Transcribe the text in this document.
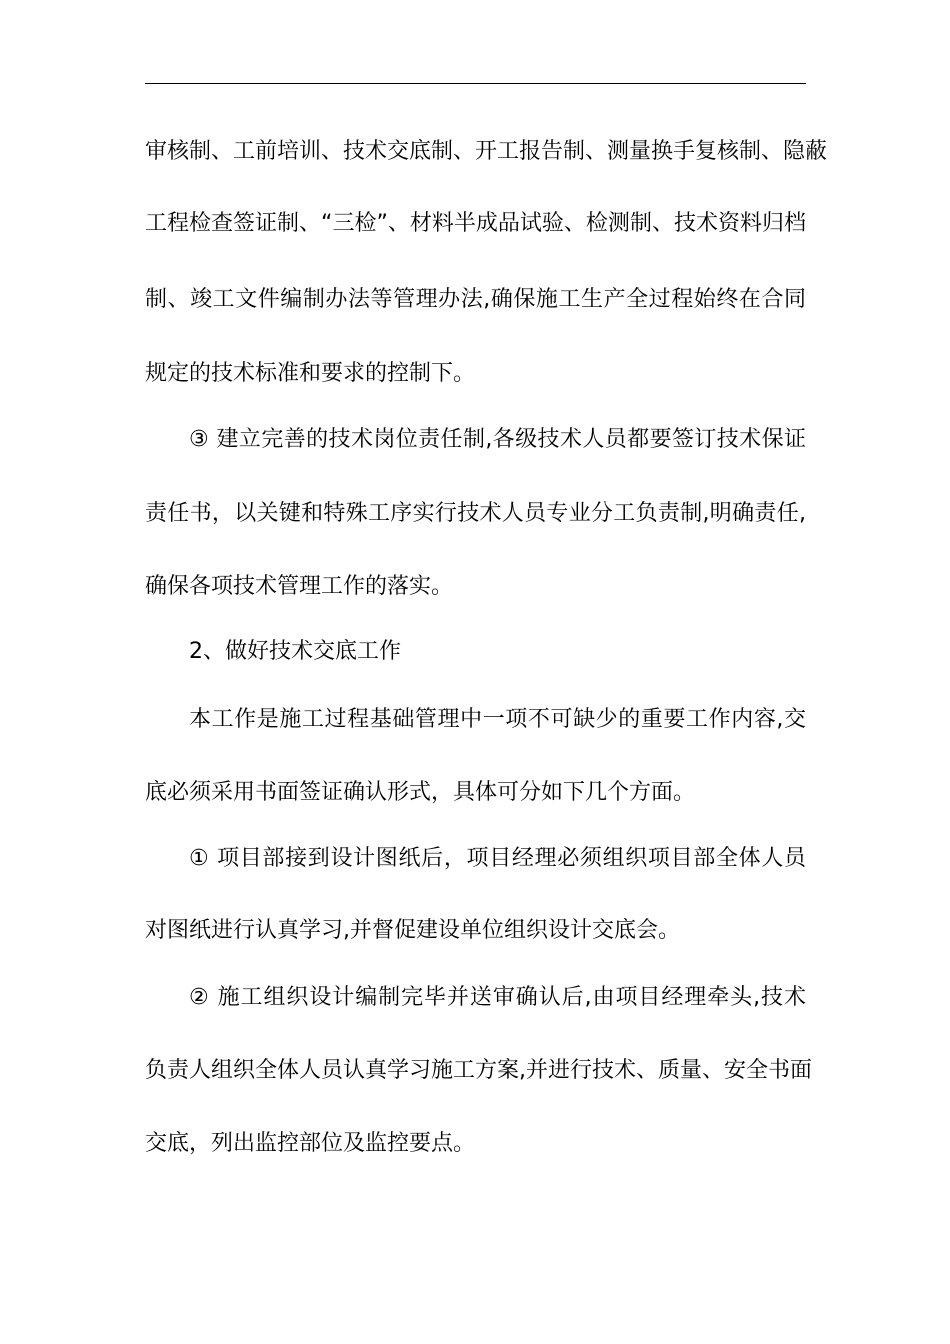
审核制、工前培训、技术交底制、开工报告制、测量换手复核制、隐蔽
工程检查签证制、“三检”、材料半成品试验、检测制、技术资料归档
制、竣工文件编制办法等管理办法,确保施工生产全过程始终在合同
规定的技术标准和要求的控制下。
③ 建立完善的技术岗位责任制,各级技术人员都要签订技术保证
责任书，以关键和特殊工序实行技术人员专业分工负责制,明确责任,
确保各项技术管理工作的落实。
2、做好技术交底工作
本工作是施工过程基础管理中一项不可缺少的重要工作内容,交
底必须采用书面签证确认形式，具体可分如下几个方面。
① 项目部接到设计图纸后，项目经理必须组织项目部全体人员
对图纸进行认真学习,并督促建设单位组织设计交底会。
② 施工组织设计编制完毕并送审确认后,由项目经理牵头,技术
负责人组织全体人员认真学习施工方案,并进行技术、质量、安全书面
交底，列出监控部位及监控要点。
